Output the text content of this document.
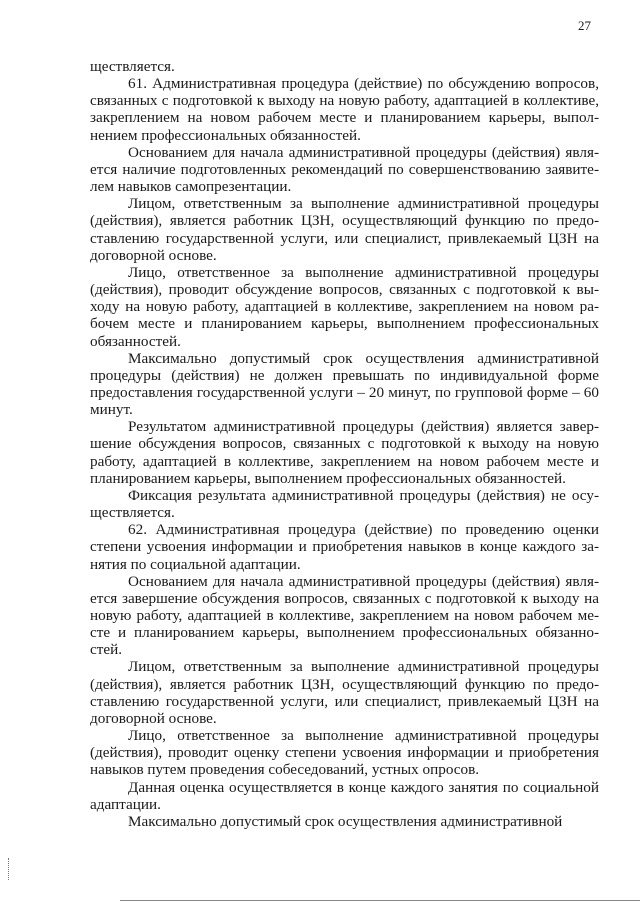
27

ществляется.

61. Административная процедура (действие) по обсуждению вопросов, связанных с подготовкой к выходу на новую работу, адаптацией в коллективе, закреплением на новом рабочем месте и планированием карьеры, выполнением профессиональных обязанностей.

Основанием для начала административной процедуры (действия) является наличие подготовленных рекомендаций по совершенствованию заявителем навыков самопрезентации.

Лицом, ответственным за выполнение административной процедуры (действия), является работник ЦЗН, осуществляющий функцию по предоставлению государственной услуги, или специалист, привлекаемый ЦЗН на договорной основе.

Лицо, ответственное за выполнение административной процедуры (действия), проводит обсуждение вопросов, связанных с подготовкой к выходу на новую работу, адаптацией в коллективе, закреплением на новом рабочем месте и планированием карьеры, выполнением профессиональных обязанностей.

Максимально допустимый срок осуществления административной процедуры (действия) не должен превышать по индивидуальной форме предоставления государственной услуги – 20 минут, по групповой форме – 60 минут.

Результатом административной процедуры (действия) является завершение обсуждения вопросов, связанных с подготовкой к выходу на новую работу, адаптацией в коллективе, закреплением на новом рабочем месте и планированием карьеры, выполнением профессиональных обязанностей.

Фиксация результата административной процедуры (действия) не осуществляется.

62. Административная процедура (действие) по проведению оценки степени усвоения информации и приобретения навыков в конце каждого занятия по социальной адаптации.

Основанием для начала административной процедуры (действия) является завершение обсуждения вопросов, связанных с подготовкой к выходу на новую работу, адаптацией в коллективе, закреплением на новом рабочем месте и планированием карьеры, выполнением профессиональных обязанностей.

Лицом, ответственным за выполнение административной процедуры (действия), является работник ЦЗН, осуществляющий функцию по предоставлению государственной услуги, или специалист, привлекаемый ЦЗН на договорной основе.

Лицо, ответственное за выполнение административной процедуры (действия), проводит оценку степени усвоения информации и приобретения навыков путем проведения собеседований, устных опросов.

Данная оценка осуществляется в конце каждого занятия по социальной адаптации.

Максимально допустимый срок осуществления административной
